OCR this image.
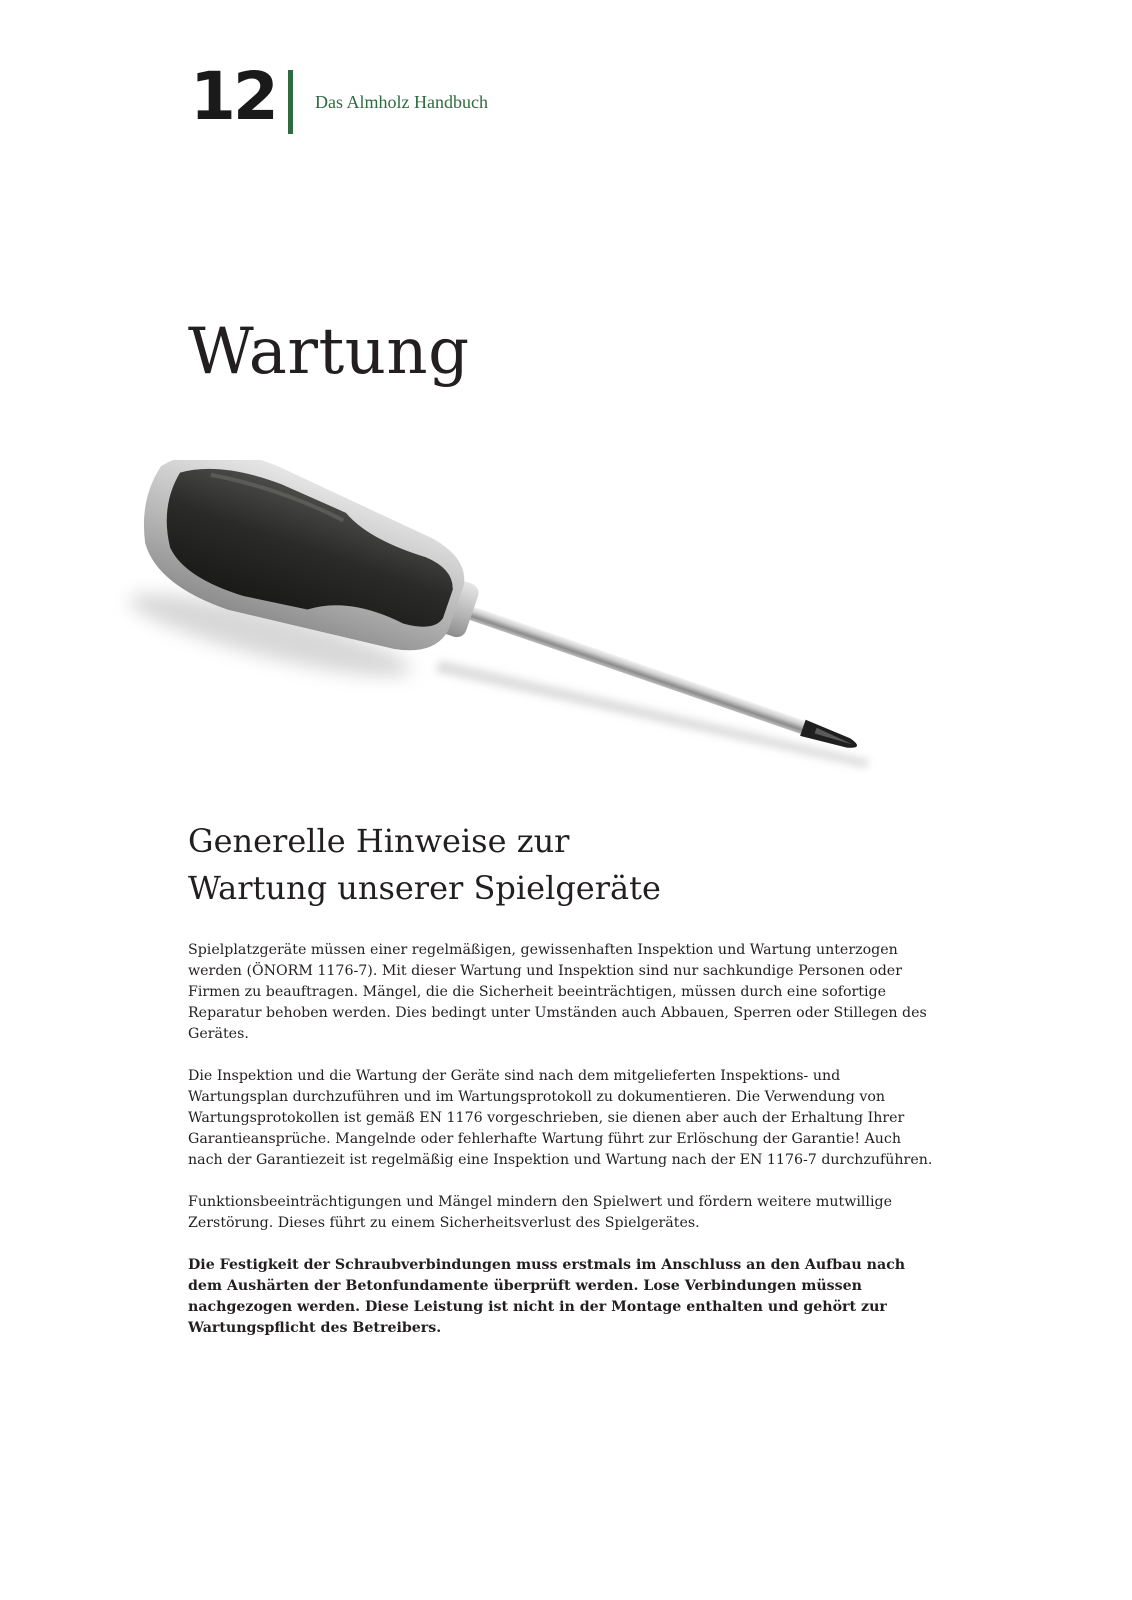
12 Das Almholz Handbuch
Wartung
Generelle Hinweise zur
Wartung unserer Spielgeräte

Spielplatzgeräte müssen einer regelmäßigen, gewissenhaften Inspektion und Wartung unterzogen werden (ÖNORM 1176-7). Mit dieser Wartung und Inspektion sind nur sachkundige Personen oder Firmen zu beauftragen. Mängel, die die Sicherheit beeinträchtigen, müssen durch eine sofortige Reparatur behoben werden. Dies bedingt unter Umständen auch Abbauen, Sperren oder Stillegen des Gerätes.

Die Inspektion und die Wartung der Geräte sind nach dem mitgelieferten Inspektions- und Wartungsplan durchzuführen und im Wartungsprotokoll zu dokumentieren. Die Verwendung von Wartungsprotokollen ist gemäß EN 1176 vorgeschrieben, sie dienen aber auch der Erhaltung Ihrer Garantieansprüche. Mangelnde oder fehlerhafte Wartung führt zur Erlöschung der Garantie! Auch nach der Garantiezeit ist regelmäßig eine Inspektion und Wartung nach der EN 1176-7 durchzuführen.

Funktionsbeeinträchtigungen und Mängel mindern den Spielwert und fördern weitere mutwillige Zerstörung. Dieses führt zu einem Sicherheitsverlust des Spielgerätes.

Die Festigkeit der Schraubverbindungen muss erstmals im Anschluss an den Aufbau nach dem Aushärten der Betonfundamente überprüft werden. Lose Verbindungen müssen nachgezogen werden. Diese Leistung ist nicht in der Montage enthalten und gehört zur Wartungspflicht des Betreibers.
